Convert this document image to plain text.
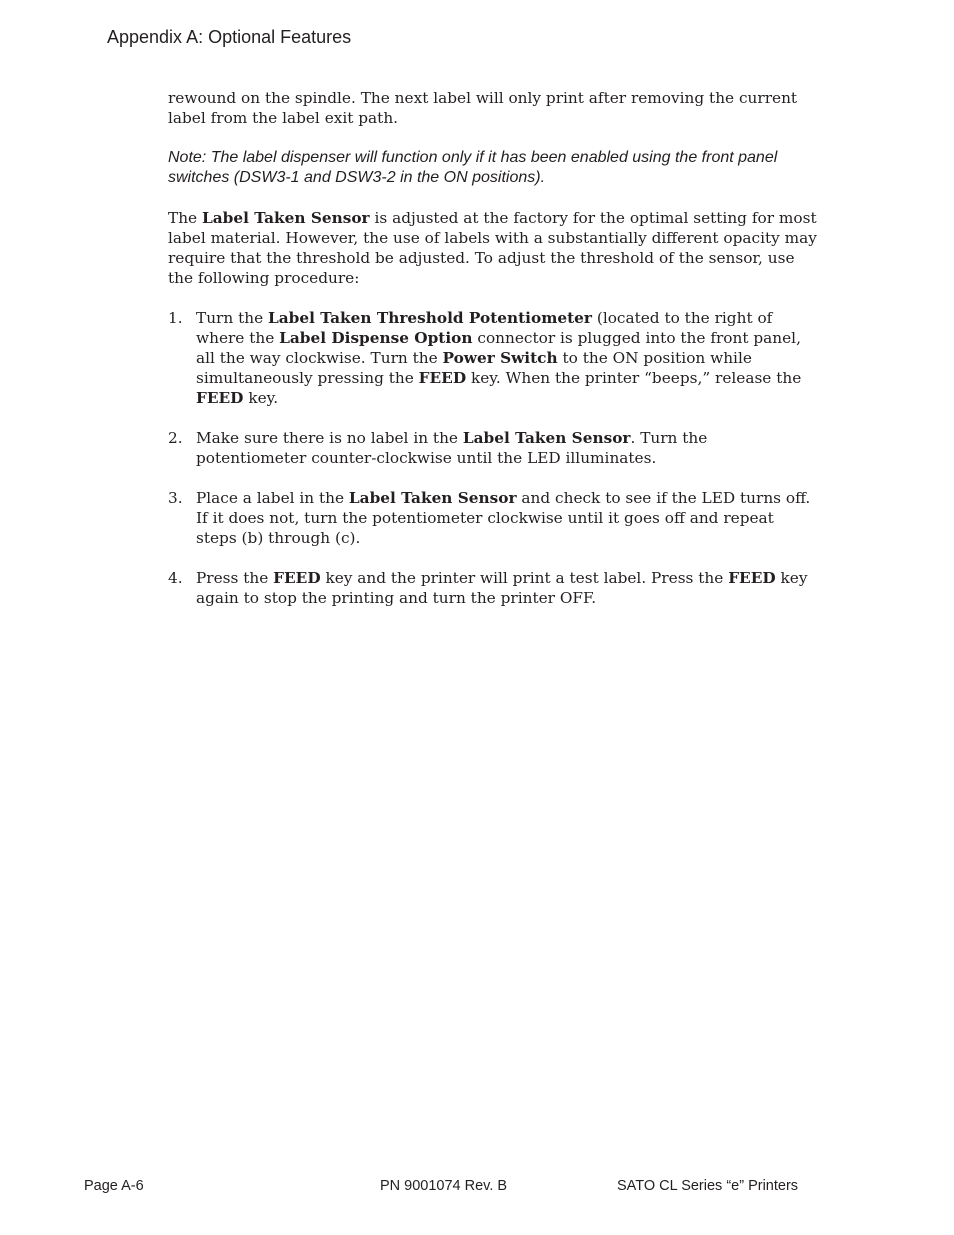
Appendix A: Optional Features

rewound on the spindle. The next label will only print after removing the current label from the label exit path.

Note: The label dispenser will function only if it has been enabled using the front panel switches (DSW3-1 and DSW3-2 in the ON positions).

The Label Taken Sensor is adjusted at the factory for the optimal setting for most label material. However, the use of labels with a substantially different opacity may require that the threshold be adjusted. To adjust the threshold of the sensor, use the following procedure:

1. Turn the Label Taken Threshold Potentiometer (located to the right of where the Label Dispense Option connector is plugged into the front panel, all the way clockwise. Turn the Power Switch to the ON position while simultaneously pressing the FEED key. When the printer “beeps,” release the FEED key.
2. Make sure there is no label in the Label Taken Sensor. Turn the potentiometer counter-clockwise until the LED illuminates.
3. Place a label in the Label Taken Sensor and check to see if the LED turns off. If it does not, turn the potentiometer clockwise until it goes off and repeat steps (b) through (c).
4. Press the FEED key and the printer will print a test label. Press the FEED key again to stop the printing and turn the printer OFF.
Page A-6	PN 9001074 Rev. B	SATO CL Series “e” Printers
